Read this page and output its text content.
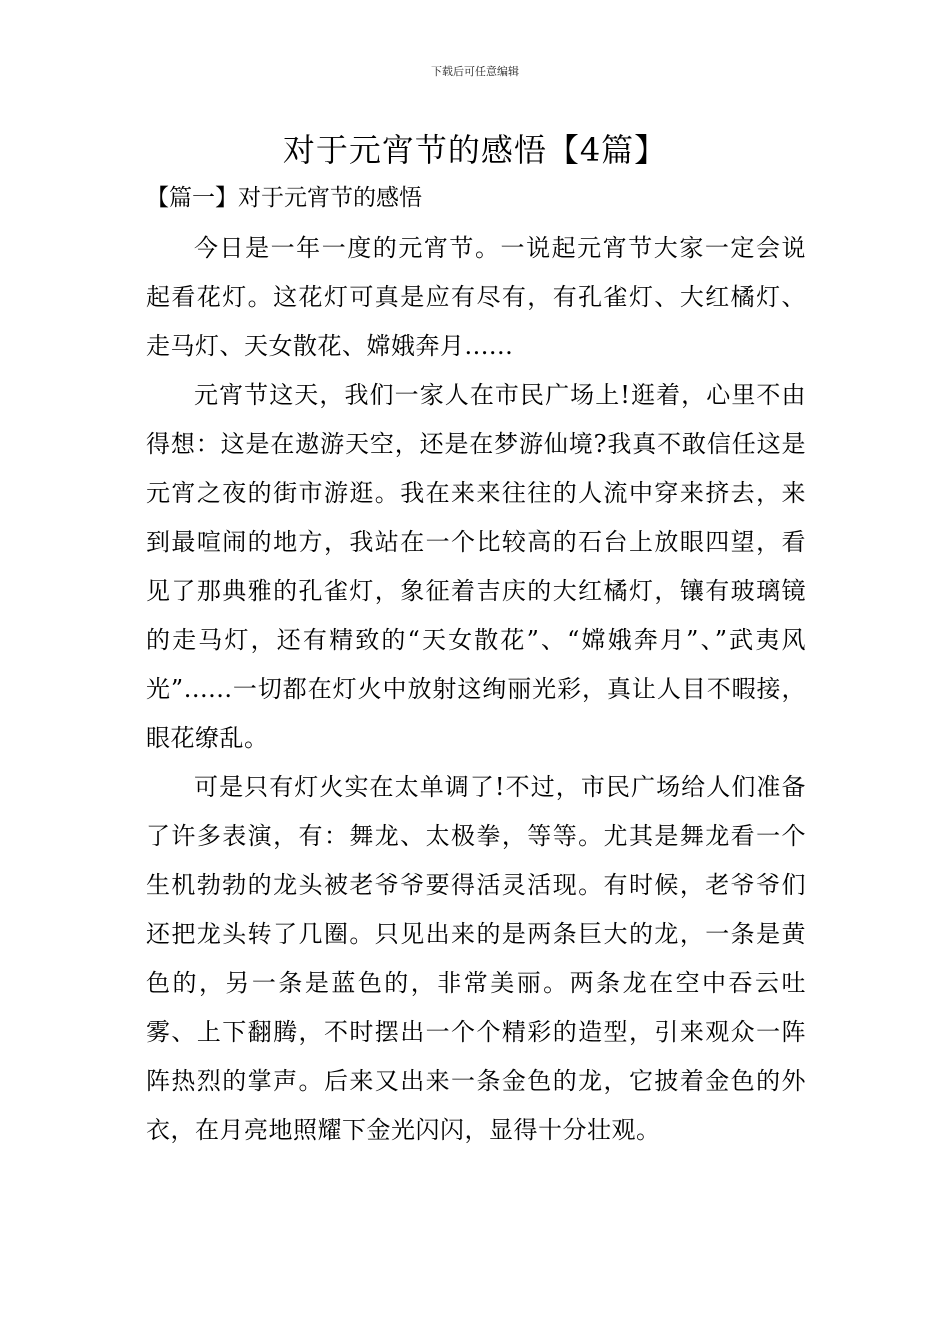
下载后可任意编辑
对于元宵节的感悟【4篇】
【篇一】对于元宵节的感悟

今日是一年一度的元宵节。一说起元宵节大家一定会说起看花灯。这花灯可真是应有尽有，有孔雀灯、大红橘灯、走马灯、天女散花、嫦娥奔月......

元宵节这天，我们一家人在市民广场上!逛着，心里不由得想：这是在遨游天空，还是在梦游仙境?我真不敢信任这是元宵之夜的街市游逛。我在来来往往的人流中穿来挤去，来到最喧闹的地方，我站在一个比较高的石台上放眼四望，看见了那典雅的孔雀灯，象征着吉庆的大红橘灯，镶有玻璃镜的走马灯，还有精致的“天女散花”、“嫦娥奔月”、”武夷风光”......一切都在灯火中放射这绚丽光彩，真让人目不暇接，眼花缭乱。

可是只有灯火实在太单调了!不过，市民广场给人们准备了许多表演，有：舞龙、太极拳，等等。尤其是舞龙看一个生机勃勃的龙头被老爷爷要得活灵活现。有时候，老爷爷们还把龙头转了几圈。只见出来的是两条巨大的龙，一条是黄色的，另一条是蓝色的，非常美丽。两条龙在空中吞云吐雾、上下翻腾，不时摆出一个个精彩的造型，引来观众一阵阵热烈的掌声。后来又出来一条金色的龙，它披着金色的外衣，在月亮地照耀下金光闪闪，显得十分壮观。
